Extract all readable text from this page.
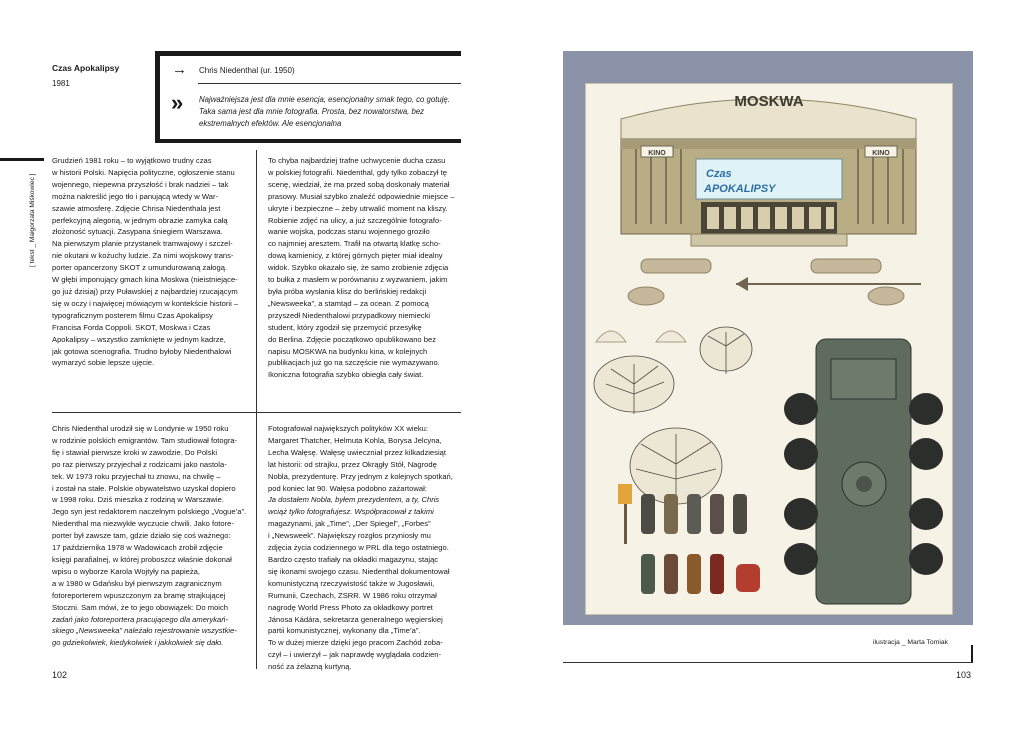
Czas Apokalipsy
1981
→ Chris Niedenthal (ur. 1950)
» Najważniejsza jest dla mnie esencja, esencjonalny smak tego, co gotuję.

Taka sama jest dla mnie fotografia. Prosta, bez nowatorstwa, bez

ekstremalnych efektów. Ale esencjonalna

[ tekst _ Małgorzata Miśkowiec ]

Grudzień 1981 roku – to wyjątkowo trudny czas

w historii Polski. Napięcia polityczne, ogłoszenie stanu

wojennego, niepewna przyszłość i brak nadziei – tak

można nakreślić jego tło i panującą wtedy w War-

szawie atmosferę. Zdjęcie Chrisa Niedenthala jest

perfekcyjną alegorią, w jednym obrazie zamyka całą

złożoność sytuacji. Zasypana śniegiem Warszawa.

Na pierwszym planie przystanek tramwajowy i szczel-

nie okutani w kożuchy ludzie. Za nimi wojskowy trans-

porter opancerzony SKOT z umundurowaną załogą.

W głębi imponujący gmach kina Moskwa (nieistniejące-

go już dzisiaj) przy Puławskiej z najbardziej rzucającym

się w oczy i najwięcej mówiącym w kontekście historii –

typograficznym posterem filmu Czas Apokalipsy

Francisa Forda Coppoli. SKOT, Moskwa i Czas

Apokalipsy – wszystko zamknięte w jednym kadrze,

jak gotowa scenografia. Trudno byłoby Niedenthalowi

wymarzyć sobie lepsze ujęcie.

To chyba najbardziej trafne uchwycenie ducha czasu

w polskiej fotografii. Niedenthal, gdy tylko zobaczył tę

scenę, wiedział, że ma przed sobą doskonały materiał

prasowy. Musiał szybko znaleźć odpowiednie miejsce –

ukryte i bezpieczne – żeby utrwalić moment na kliszy.

Robienie zdjęć na ulicy, a już szczególnie fotografo-

wanie wojska, podczas stanu wojennego groziło

co najmniej aresztem. Trafił na otwartą klatkę scho-

dową kamienicy, z której górnych pięter miał idealny

widok. Szybko okazało się, że samo zrobienie zdjęcia

to bułka z masłem w porównaniu z wyzwaniem, jakim

była próba wysłania klisz do berlińskiej redakcji

„Newsweeka”, a stamtąd – za ocean. Z pomocą

przyszedł Niedenthalowi przypadkowy niemiecki

student, który zgodził się przemycić przesyłkę

do Berlina. Zdjęcie początkowo opublikowano bez

napisu MOSKWA na budynku kina, w kolejnych

publikacjach już go na szczęście nie wymazywano.

Ikoniczna fotografia szybko obiegła cały świat.

Chris Niedenthal urodził się w Londynie w 1950 roku

w rodzinie polskich emigrantów. Tam studiował fotogra-

fię i stawiał pierwsze kroki w zawodzie. Do Polski

po raz pierwszy przyjechał z rodzicami jako nastola-

tek. W 1973 roku przyjechał tu znowu, na chwilę –

i został na stałe. Polskie obywatelstwo uzyskał dopiero

w 1998 roku. Dziś mieszka z rodziną w Warszawie.

Jego syn jest redaktorem naczelnym polskiego „Vogue’a”.

Niedenthal ma niezwykłe wyczucie chwili. Jako fotore-

porter był zawsze tam, gdzie działo się coś ważnego:

17 października 1978 w Wadowicach zrobił zdjęcie

księgi parafialnej, w której proboszcz właśnie dokonał

wpisu o wyborze Karola Wojtyły na papieża,

a w 1980 w Gdańsku był pierwszym zagranicznym

fotoreporterem wpuszczonym za bramę strajkującej

Stoczni. Sam mówi, że to jego obowiązek: Do moich

zadań jako fotoreportera pracującego dla amerykań-

skiego „Newsweeka” należało rejestrowanie wszystkie-

go gdziekolwiek, kiedykolwiek i jakkolwiek się dało.

Fotografował największych polityków XX wieku:

Margaret Thatcher, Helmuta Kohla, Borysa Jelcyna,

Lecha Wałęsę. Wałęsę uwieczniał przez kilkadziesiąt

lat historii: od strajku, przez Okrągły Stół, Nagrodę

Nobla, prezydenturę. Przy jednym z kolejnych spotkań,

pod koniec lat 90. Wałęsa podobno zażartował:

Ja dostałem Nobla, byłem prezydentem, a ty, Chris

wciąż tylko fotografujesz. Współpracował z takimi

magazynami, jak „Time”, „Der Spiegel”, „Forbes”

i „Newsweek”. Największy rozgłos przyniosły mu

zdjęcia życia codziennego w PRL dla tego ostatniego.

Bardzo często trafiały na okładki magazynu, stając

się ikonami swojego czasu. Niedenthal dokumentował

komunistyczną rzeczywistość także w Jugosławii,

Rumunii, Czechach, ZSRR. W 1986 roku otrzymał

nagrodę World Press Photo za okładkowy portret

Jánosa Kádára, sekretarza generalnego węgierskiej

partii komunistycznej, wykonany dla „Time’a”.

To w dużej mierze dzięki jego pracom Zachód zoba-

czył – i uwierzył – jak naprawdę wyglądała codzien-

ność za żelazną kurtyną.

102
MOSKWA
KINO	KINO
Czas
APOKALIPSY
ilustracja _ Marta Tomiak
103
